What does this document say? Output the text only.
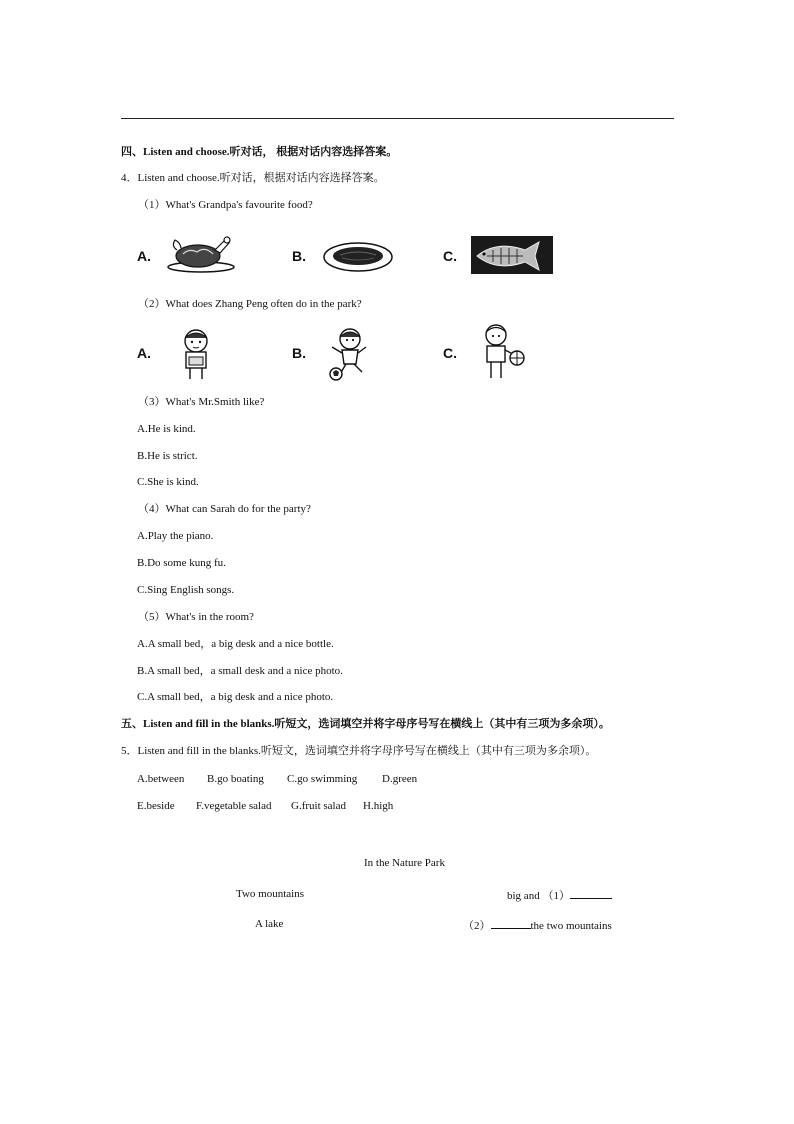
四、Listen and choose.听对话， 根据对话内容选择答案。
4．Listen and choose.听对话，根据对话内容选择答案。
（1）What's Grandpa's favourite food?
A.	B.	C.
（2）What does Zhang Peng often do in the park?
A.	B.	C.
（3）What's Mr.Smith like?
A.He is kind.
B.He is strict.
C.She is kind.
（4）What can Sarah do for the party?
A.Play the piano.
B.Do some kung fu.
C.Sing English songs.
（5）What's in the room?
A.A small bed，a big desk and a nice bottle.
B.A small bed，a small desk and a nice photo.
C.A small bed，a big desk and a nice photo.
五、Listen and fill in the blanks.听短文，选词填空并将字母序号写在横线上（其中有三项为多余项）。
5．Listen and fill in the blanks.听短文，选词填空并将字母序号写在横线上（其中有三项为多余项）。
A.between B.go boating C.go swimming D.green
E.beside F.vegetable salad G.fruit salad H.high
In the Nature Park
Two mountains	big and （1）
A lake	（2）	the two mountains
